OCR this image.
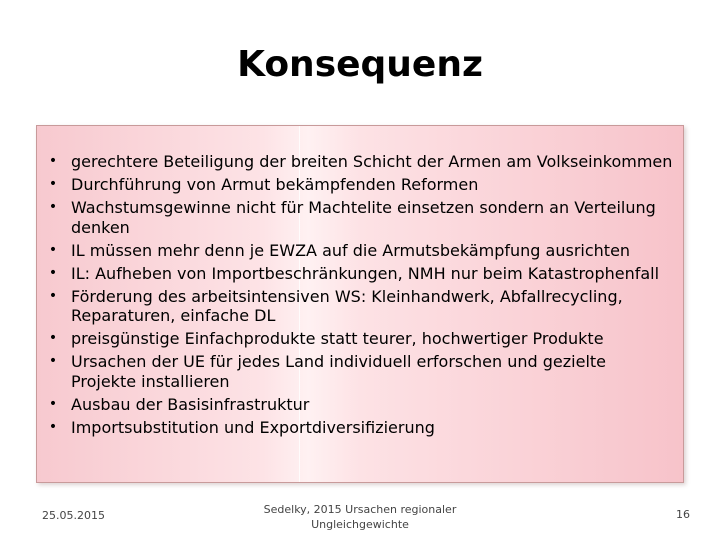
Konsequenz
• gerechtere Beteiligung der breiten Schicht der Armen am Volkseinkommen
• Durchführung von Armut bekämpfenden Reformen
• Wachstumsgewinne nicht für Machtelite einsetzen sondern an Verteilung denken
• IL müssen mehr denn je EWZA auf die Armutsbekämpfung ausrichten
• IL: Aufheben von Importbeschränkungen, NMH nur beim Katastrophenfall
• Förderung des arbeitsintensiven WS: Kleinhandwerk, Abfallrecycling, Reparaturen, einfache DL
• preisgünstige Einfachprodukte statt teurer, hochwertiger Produkte
• Ursachen der UE für jedes Land individuell erforschen und gezielte Projekte installieren
• Ausbau der Basisinfrastruktur
• Importsubstitution und Exportdiversifizierung
25.05.2015	Sedelky, 2015 Ursachen regionaler
Ungleichgewichte
16
